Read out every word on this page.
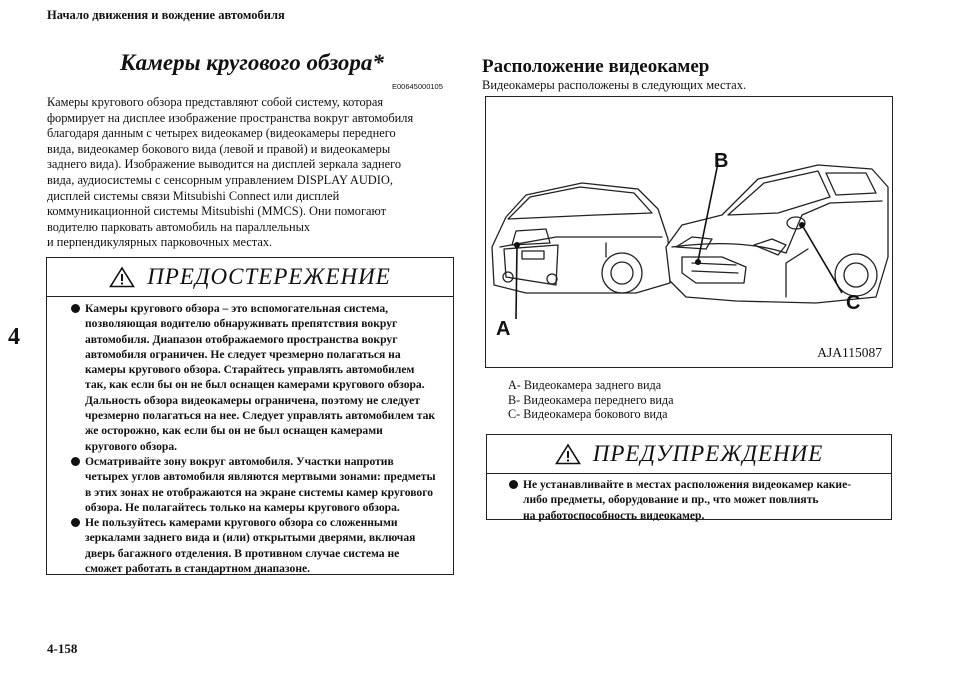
Начало движения и вождение автомобиля
4
4-158
Камеры кругового обзора*
E00645000105
Камеры кругового обзора представляют собой систему, которая
формирует на дисплее изображение пространства вокруг автомобиля
благодаря данным с четырех видеокамер (видеокамеры переднего
вида, видеокамер бокового вида (левой и правой) и видеокамеры
заднего вида). Изображение выводится на дисплей зеркала заднего
вида, аудиосистемы с сенсорным управлением DISPLAY AUDIO,
дисплей системы связи Mitsubishi Connect или дисплей
коммуникационной системы Mitsubishi (MMCS). Они помогают
водителю парковать автомобиль на параллельных
и перпендикулярных парковочных местах.
ПРЕДОСТЕРЕЖЕНИЕ
Камеры кругового обзора – это вспомогательная система,
позволяющая водителю обнаруживать препятствия вокруг
автомобиля. Диапазон отображаемого пространства вокруг
автомобиля ограничен. Не следует чрезмерно полагаться на
камеры кругового обзора. Старайтесь управлять автомобилем
так, как если бы он не был оснащен камерами кругового обзора.
Дальность обзора видеокамеры ограничена, поэтому не следует
чрезмерно полагаться на нее. Следует управлять автомобилем так
же осторожно, как если бы он не был оснащен камерами
кругового обзора.
Осматривайте зону вокруг автомобиля. Участки напротив
четырех углов автомобиля являются мертвыми зонами: предметы
в этих зонах не отображаются на экране системы камер кругового
обзора. Не полагайтесь только на камеры кругового обзора.
Не пользуйтесь камерами кругового обзора со сложенными
зеркалами заднего вида и (или) открытыми дверями, включая
дверь багажного отделения. В противном случае система не
сможет работать в стандартном диапазоне.
Расположение видеокамер
Видеокамеры расположены в следующих местах.
A
B
C
AJA115087
A- Видеокамера заднего вида
B- Видеокамера переднего вида
C- Видеокамера бокового вида
ПРЕДУПРЕЖДЕНИЕ
Не устанавливайте в местах расположения видеокамер какие-
либо предметы, оборудование и пр., что может повлиять
на работоспособность видеокамер.
